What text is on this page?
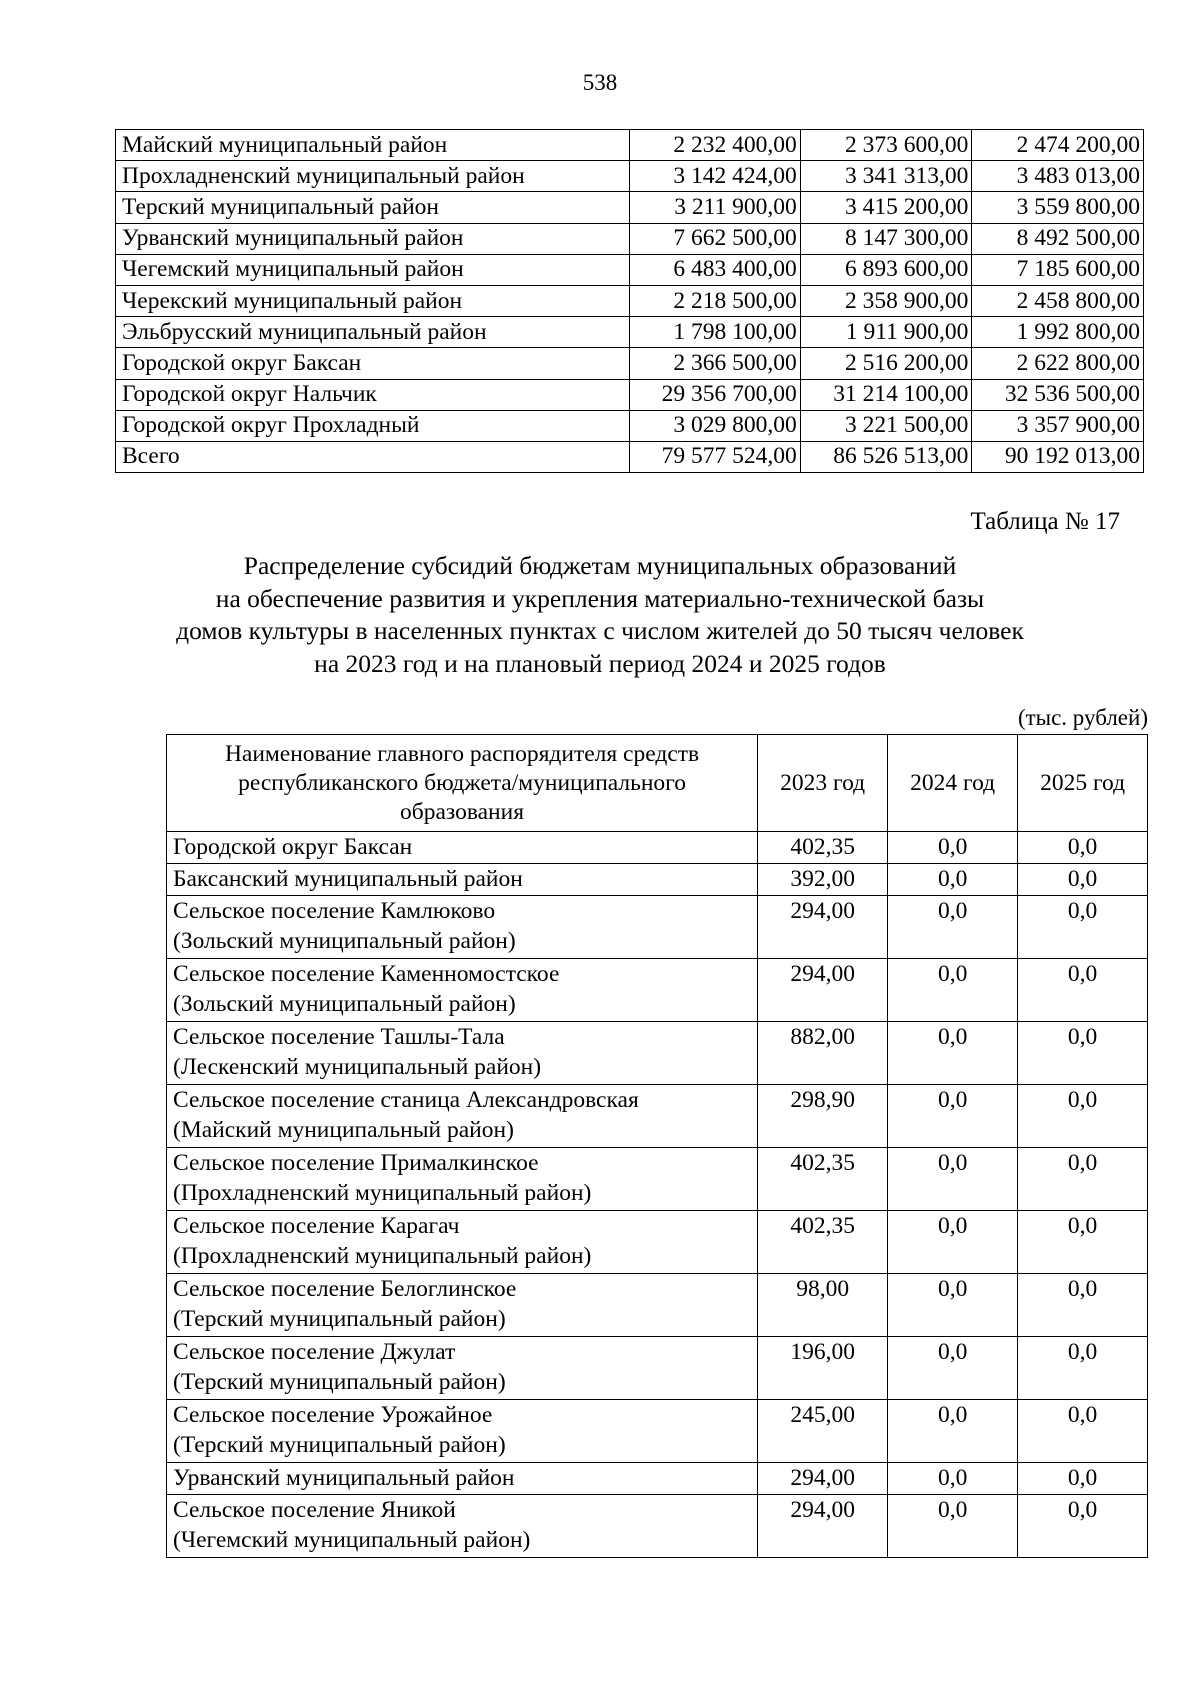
538
Майский муниципальный район	2 232 400,00	2 373 600,00	2 474 200,00
Прохладненский муниципальный район	3 142 424,00	3 341 313,00	3 483 013,00
Терский муниципальный район	3 211 900,00	3 415 200,00	3 559 800,00
Урванский муниципальный район	7 662 500,00	8 147 300,00	8 492 500,00
Чегемский муниципальный район	6 483 400,00	6 893 600,00	7 185 600,00
Черекский муниципальный район	2 218 500,00	2 358 900,00	2 458 800,00
Эльбрусский муниципальный район	1 798 100,00	1 911 900,00	1 992 800,00
Городской округ Баксан	2 366 500,00	2 516 200,00	2 622 800,00
Городской округ Нальчик	29 356 700,00	31 214 100,00	32 536 500,00
Городской округ Прохладный	3 029 800,00	3 221 500,00	3 357 900,00
Всего	79 577 524,00	86 526 513,00	90 192 013,00
Таблица № 17
Распределение субсидий бюджетам муниципальных образований
на обеспечение развития и укрепления материально-технической базы
домов культуры в населенных пунктах с числом жителей до 50 тысяч человек
на 2023 год и на плановый период 2024 и 2025 годов
(тыс. рублей)
Наименование главного распорядителя средств
республиканского бюджета/муниципального
образования	2023 год	2024 год	2025 год

Городской округ Баксан	402,35	0,0	0,0

Баксанский муниципальный район	392,00	0,0	0,0

Сельское поселение Камлюково
(Зольский муниципальный район)	294,00	0,0	0,0

Сельское поселение Каменномостское
(Зольский муниципальный район)	294,00	0,0	0,0

Сельское поселение Ташлы-Тала
(Лескенский муниципальный район)	882,00	0,0	0,0

Сельское поселение станица Александровская
(Майский муниципальный район)	298,90	0,0	0,0

Сельское поселение Прималкинское
(Прохладненский муниципальный район)	402,35	0,0	0,0

Сельское поселение Карагач
(Прохладненский муниципальный район)	402,35	0,0	0,0

Сельское поселение Белоглинское
(Терский муниципальный район)	98,00	0,0	0,0

Сельское поселение Джулат
(Терский муниципальный район)	196,00	0,0	0,0

Сельское поселение Урожайное
(Терский муниципальный район)	245,00	0,0	0,0

Урванский муниципальный район	294,00	0,0	0,0

Сельское поселение Яникой
(Чегемский муниципальный район)	294,00	0,0	0,0
